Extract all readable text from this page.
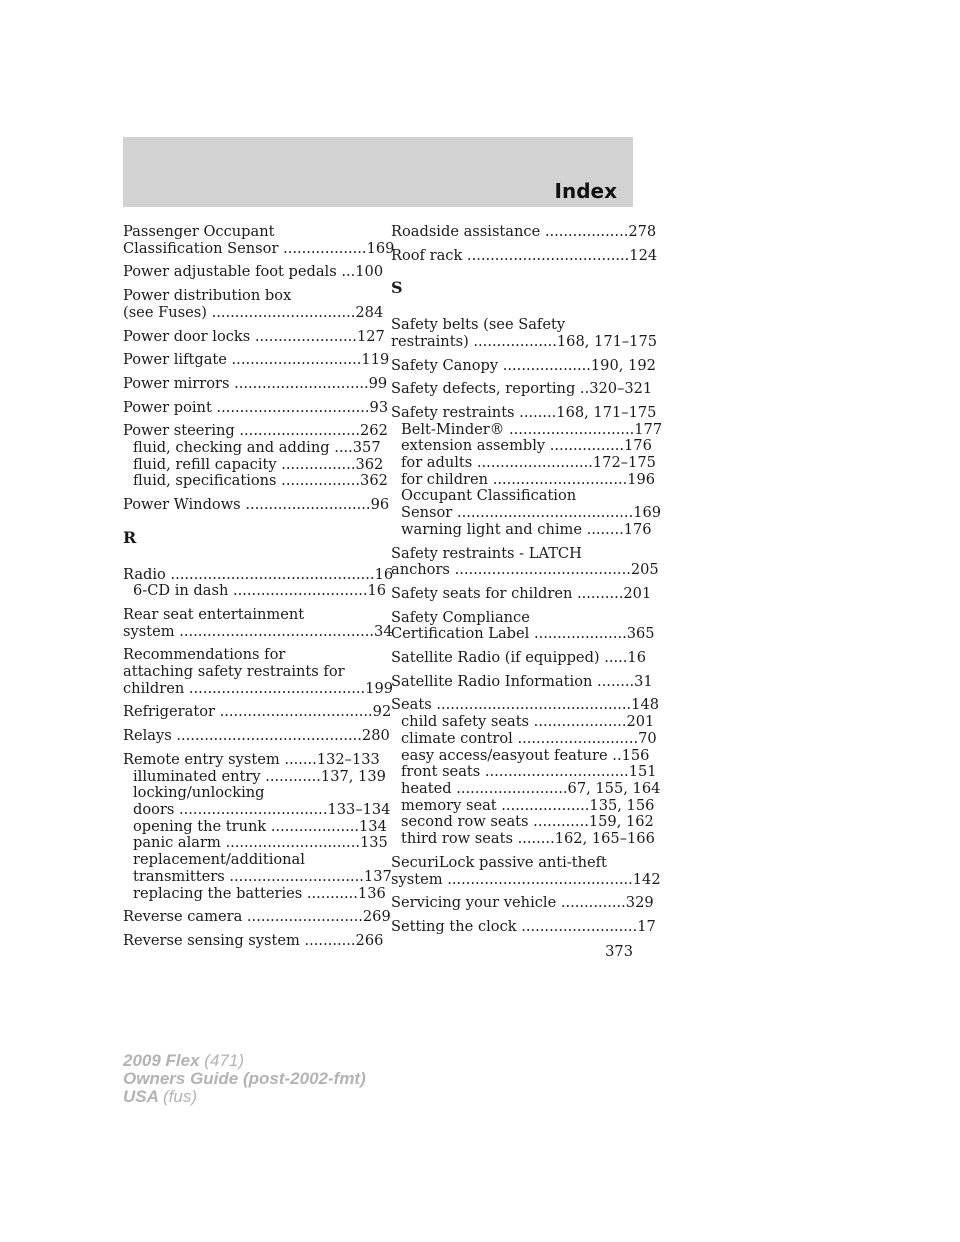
Index
Passenger Occupant
Classification Sensor ..................169
Power adjustable foot pedals ...100
Power distribution box
(see Fuses) ...............................284
Power door locks ......................127
Power liftgate ............................119
Power mirrors .............................99
Power point .................................93
Power steering ..........................262
fluid, checking and adding ....357
fluid, refill capacity ................362
fluid, specifications .................362
Power Windows ...........................96
R
Radio ............................................16
6-CD in dash .............................16
Rear seat entertainment
system ..........................................34
Recommendations for
attaching safety restraints for
children ......................................199
Refrigerator .................................92
Relays ........................................280
Remote entry system .......132–133
illuminated entry ............137, 139
locking/unlocking
doors ................................133–134
opening the trunk ...................134
panic alarm .............................135
replacement/additional
transmitters .............................137
replacing the batteries ...........136
Reverse camera .........................269
Reverse sensing system ...........266
Roadside assistance ..................278
Roof rack ...................................124
S
Safety belts (see Safety
restraints) ..................168, 171–175
Safety Canopy ...................190, 192
Safety defects, reporting ..320–321
Safety restraints ........168, 171–175
Belt-Minder® ...........................177
extension assembly ................176
for adults .........................172–175
for children .............................196
Occupant Classification
Sensor ......................................169
warning light and chime ........176
Safety restraints - LATCH
anchors ......................................205
Safety seats for children ..........201
Safety Compliance
Certification Label ....................365
Satellite Radio (if equipped) .....16
Satellite Radio Information ........31
Seats ..........................................148
child safety seats ....................201
climate control ..........................70
easy access/easyout feature ..156
front seats ...............................151
heated ........................67, 155, 164
memory seat ...................135, 156
second row seats ............159, 162
third row seats ........162, 165–166
SecuriLock passive anti-theft
system ........................................142
Servicing your vehicle ..............329
Setting the clock .........................17
373
2009 Flex (471)
Owners Guide (post-2002-fmt)
USA (fus)
